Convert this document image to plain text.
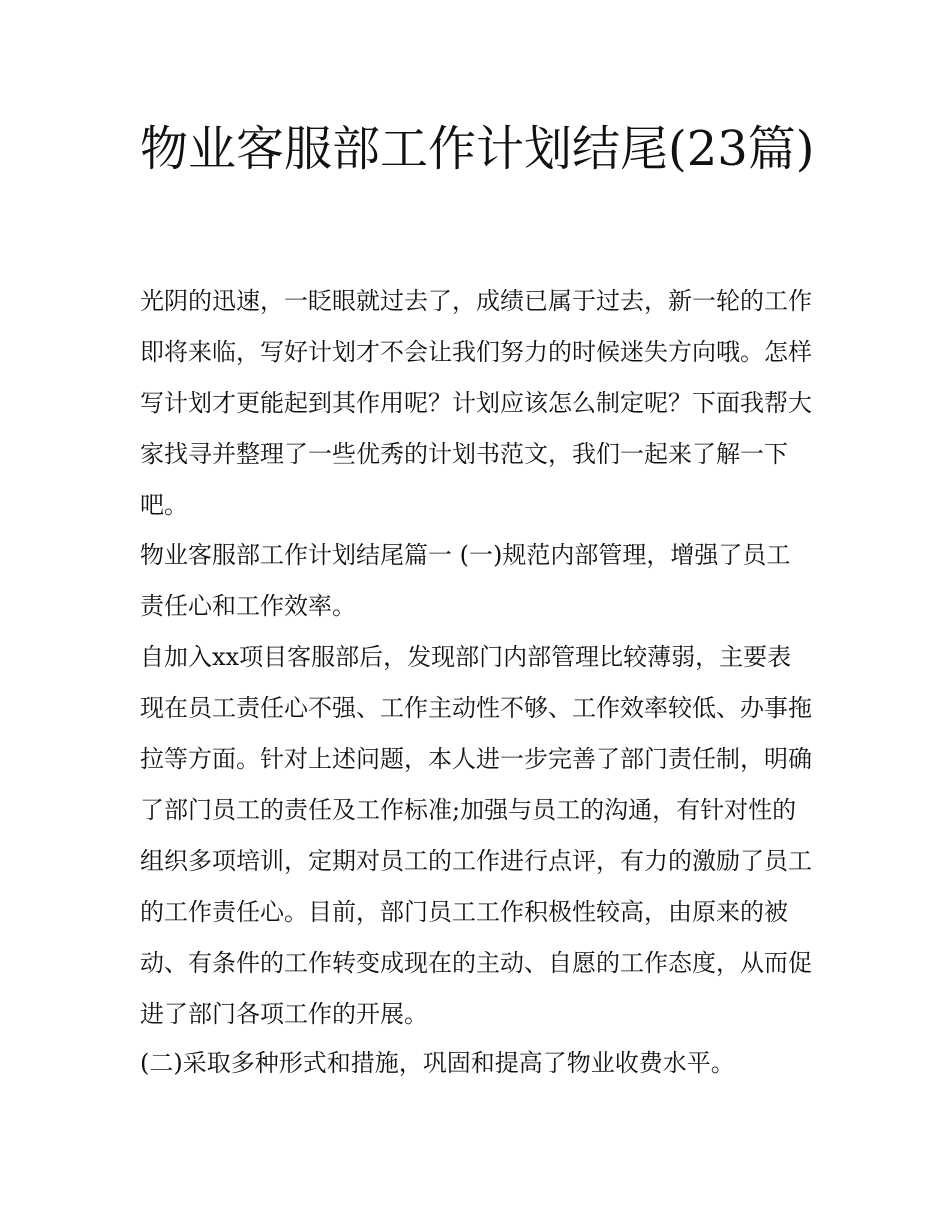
物业客服部工作计划结尾(23篇)

光阴的迅速，一眨眼就过去了，成绩已属于过去，新一轮的工作即将来临，写好计划才不会让我们努力的时候迷失方向哦。怎样写计划才更能起到其作用呢？计划应该怎么制定呢？下面我帮大家找寻并整理了一些优秀的计划书范文，我们一起来了解一下吧。

物业客服部工作计划结尾篇一 (一)规范内部管理，增强了员工责任心和工作效率。

自加入xx项目客服部后，发现部门内部管理比较薄弱，主要表现在员工责任心不强、工作主动性不够、工作效率较低、办事拖拉等方面。针对上述问题，本人进一步完善了部门责任制，明确了部门员工的责任及工作标准;加强与员工的沟通，有针对性的组织多项培训，定期对员工的工作进行点评，有力的激励了员工的工作责任心。目前，部门员工工作积极性较高，由原来的被动、有条件的工作转变成现在的主动、自愿的工作态度，从而促进了部门各项工作的开展。

(二)采取多种形式和措施，巩固和提高了物业收费水平。
